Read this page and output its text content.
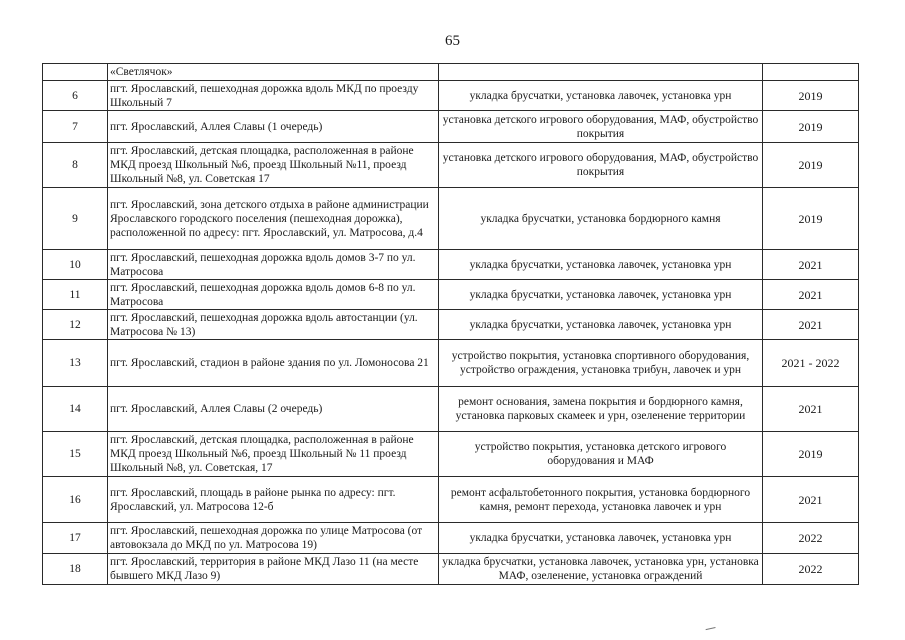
65
	«Светлячок»		
6	пгт. Ярославский, пешеходная дорожка вдоль МКД по проезду Школьный 7	укладка брусчатки, установка лавочек, установка урн	2019
7	пгт. Ярославский, Аллея Славы (1 очередь)	установка детского игрового оборудования, МАФ, обустройство покрытия	2019
8	пгт. Ярославский, детская площадка, расположенная в районе МКД проезд Школьный №6, проезд Школьный №11, проезд Школьный №8, ул. Советская 17	установка детского игрового оборудования, МАФ, обустройство покрытия	2019
9	пгт. Ярославский, зона детского отдыха в районе администрации Ярославского городского поселения (пешеходная дорожка), расположенной по адресу: пгт. Ярославский, ул. Матросова, д.4	укладка брусчатки, установка бордюрного камня	2019
10	пгт. Ярославский, пешеходная дорожка вдоль домов 3-7 по ул. Матросова	укладка брусчатки, установка лавочек, установка урн	2021
11	пгт. Ярославский, пешеходная дорожка вдоль домов 6-8 по ул. Матросова	укладка брусчатки, установка лавочек, установка урн	2021
12	пгт. Ярославский, пешеходная дорожка вдоль автостанции (ул. Матросова № 13)	укладка брусчатки, установка лавочек, установка урн	2021
13	пгт. Ярославский, стадион в районе здания по ул. Ломоносова 21	устройство покрытия, установка спортивного оборудования, устройство ограждения, установка трибун, лавочек и урн	2021 - 2022
14	пгт. Ярославский, Аллея Славы (2 очередь)	ремонт основания, замена покрытия и бордюрного камня, установка парковых скамеек и урн, озеленение территории	2021
15	пгт. Ярославский, детская площадка, расположенная в районе МКД проезд Школьный №6, проезд Школьный № 11 проезд Школьный №8, ул. Советская, 17	устройство покрытия, установка детского игрового оборудования и МАФ	2019
16	пгт. Ярославский, площадь в районе рынка по адресу: пгт. Ярославский, ул. Матросова 12-б	ремонт асфальтобетонного покрытия, установка бордюрного камня, ремонт перехода, установка лавочек и урн	2021
17	пгт. Ярославский, пешеходная дорожка по улице Матросова (от автовокзала до МКД по ул. Матросова 19)	укладка брусчатки, установка лавочек, установка урн	2022
18	пгт. Ярославский, территория в районе МКД Лазо 11 (на месте бывшего МКД Лазо 9)	укладка брусчатки, установка лавочек, установка урн, установка МАФ, озеленение, установка ограждений	2022
